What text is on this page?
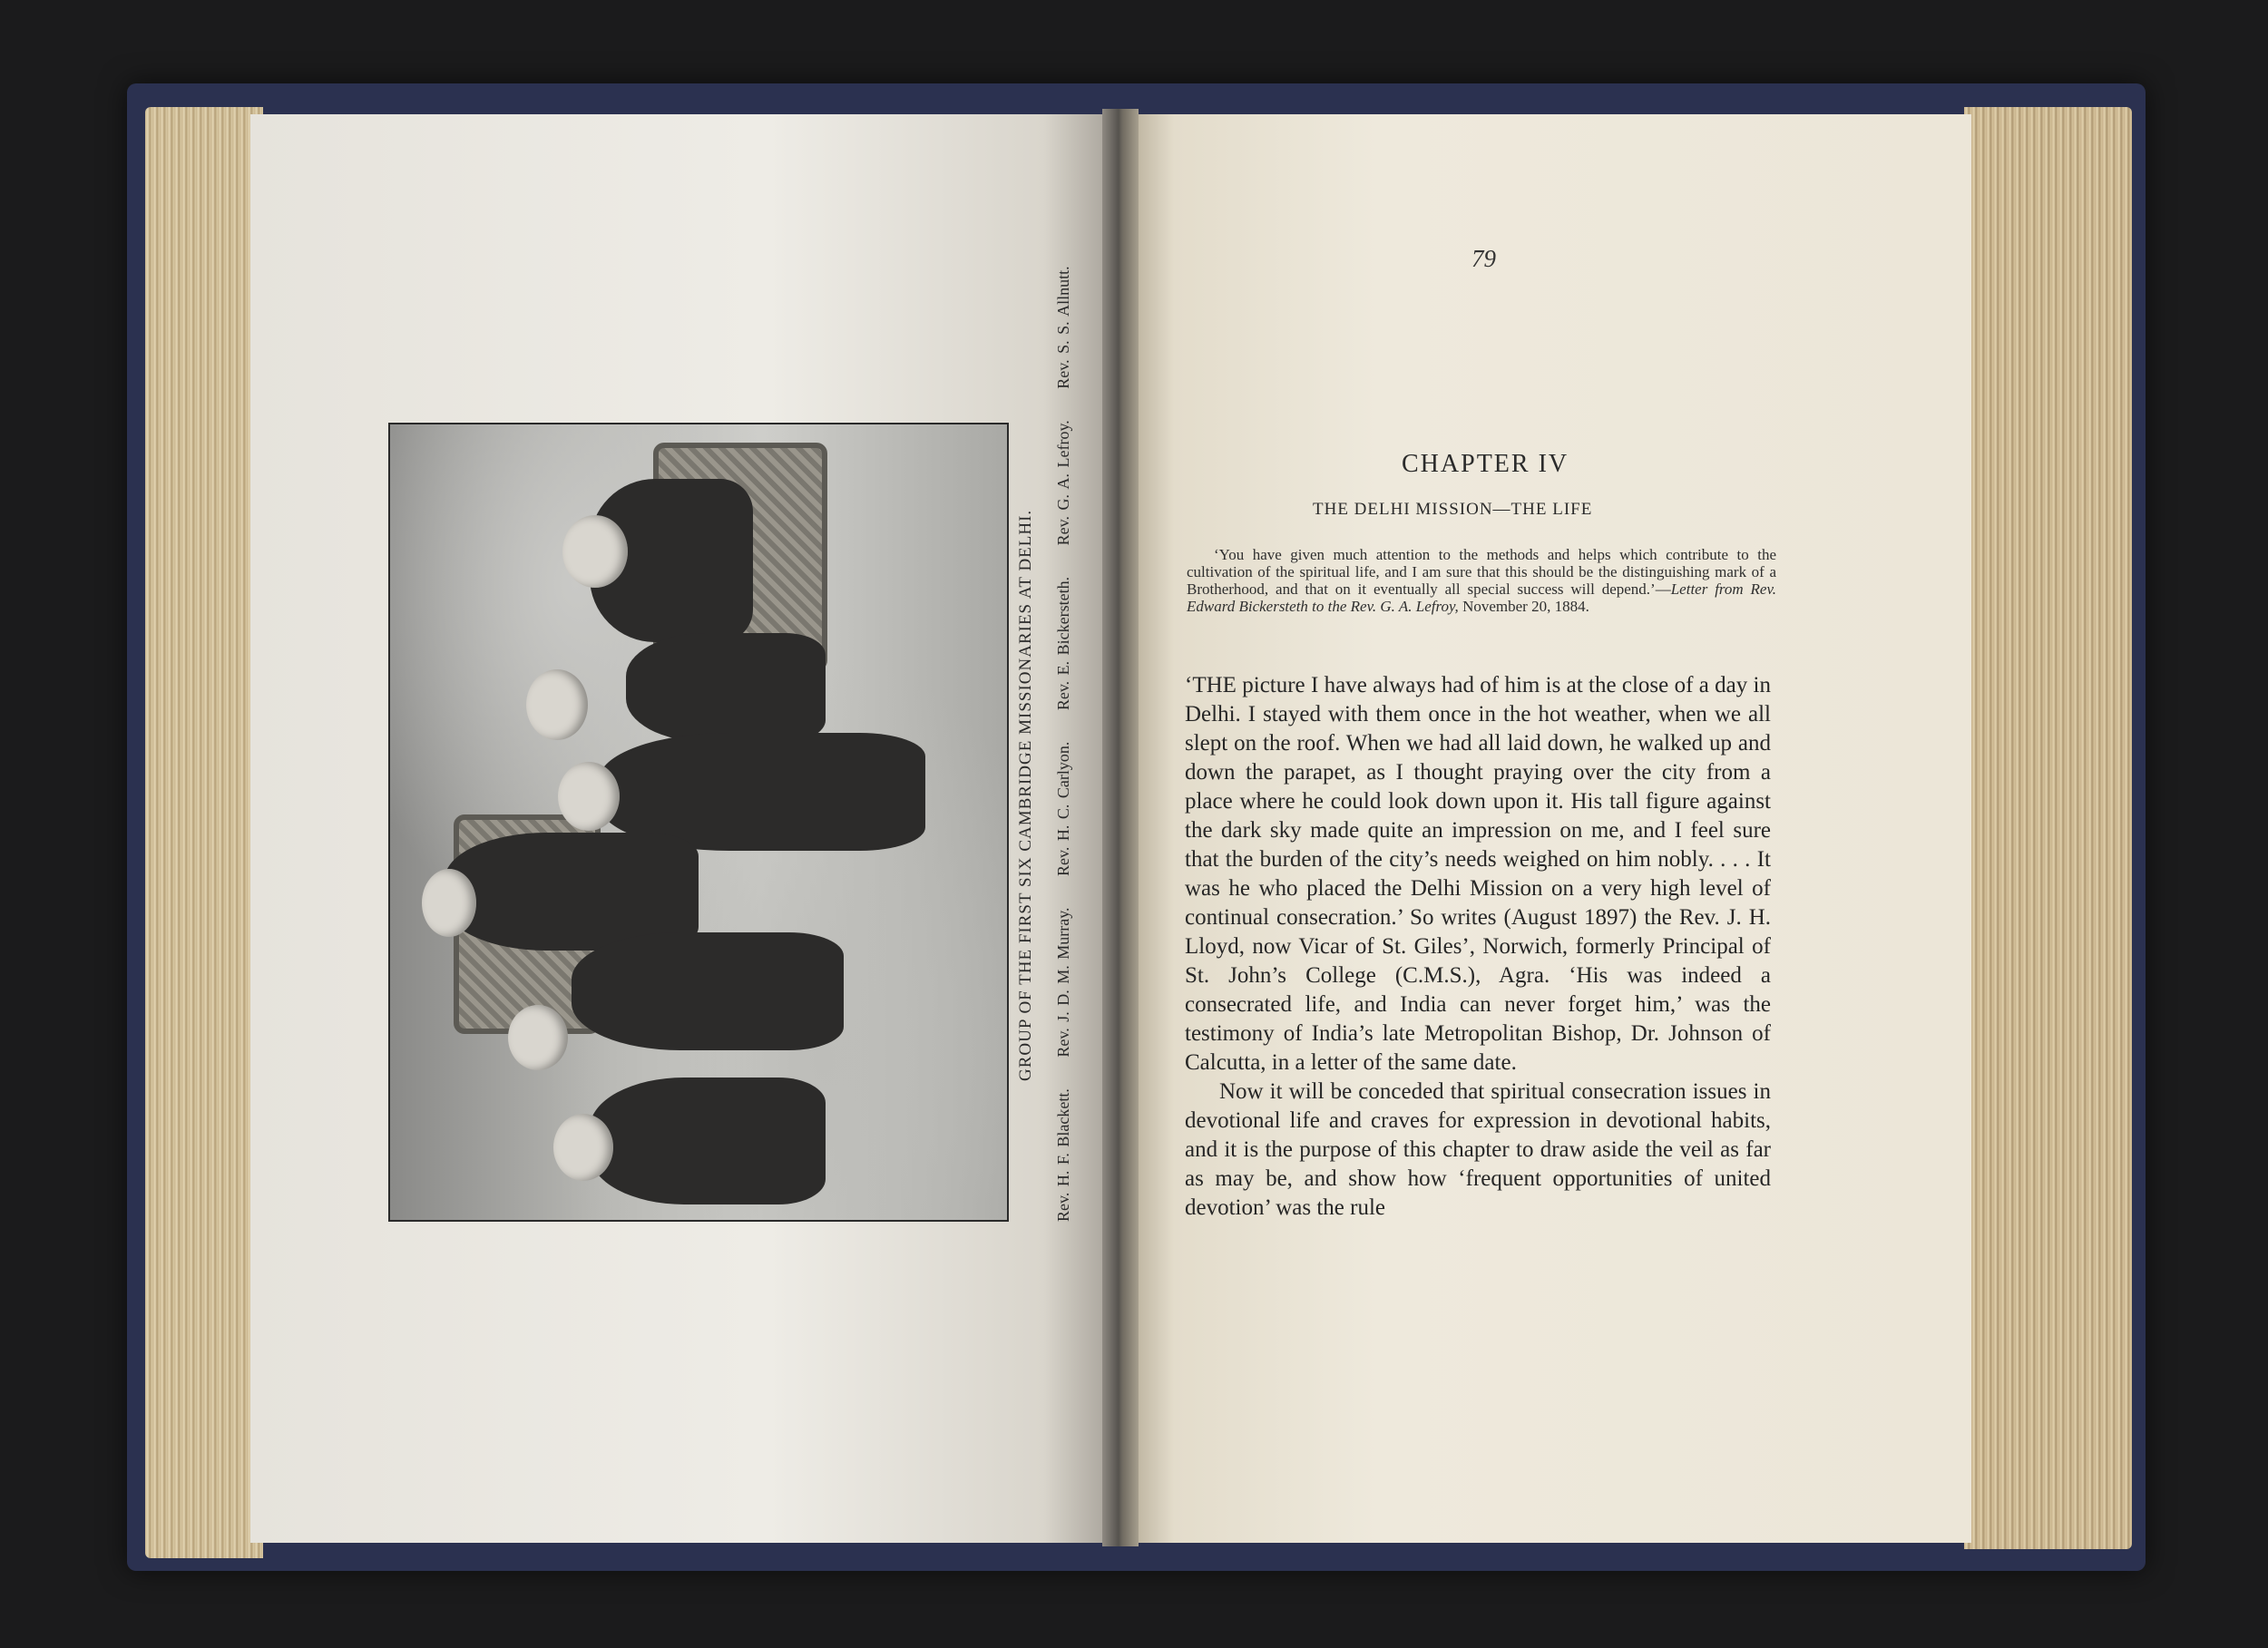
GROUP OF THE FIRST SIX CAMBRIDGE MISSIONARIES AT DELHI.
Rev. H. F. Blackett. Rev. J. D. M. Murray. Rev. H. C. Carlyon. Rev. E. Bickersteth. Rev. G. A. Lefroy. Rev. S. S. Allnutt.
79
CHAPTER IV
THE DELHI MISSION—THE LIFE

‘You have given much attention to the methods and helps which contribute to the cultivation of the spiritual life, and I am sure that this should be the distinguishing mark of a Brotherhood, and that on it eventually all special success will depend.’—Letter from Rev. Edward Bickersteth to the Rev. G. A. Lefroy, November 20, 1884.

‘THE picture I have always had of him is at the close of a day in Delhi. I stayed with them once in the hot weather, when we all slept on the roof. When we had all laid down, he walked up and down the parapet, as I thought praying over the city from a place where he could look down upon it. His tall figure against the dark sky made quite an impression on me, and I feel sure that the burden of the city’s needs weighed on him nobly. . . . It was he who placed the Delhi Mission on a very high level of continual consecration.’ So writes (August 1897) the Rev. J. H. Lloyd, now Vicar of St. Giles’, Norwich, formerly Principal of St. John’s College (C.M.S.), Agra. ‘His was indeed a consecrated life, and India can never forget him,’ was the testimony of India’s late Metropolitan Bishop, Dr. Johnson of Calcutta, in a letter of the same date.

Now it will be conceded that spiritual consecration issues in devotional life and craves for expression in devotional habits, and it is the purpose of this chapter to draw aside the veil as far as may be, and show how ‘frequent opportunities of united devotion’ was the rule
